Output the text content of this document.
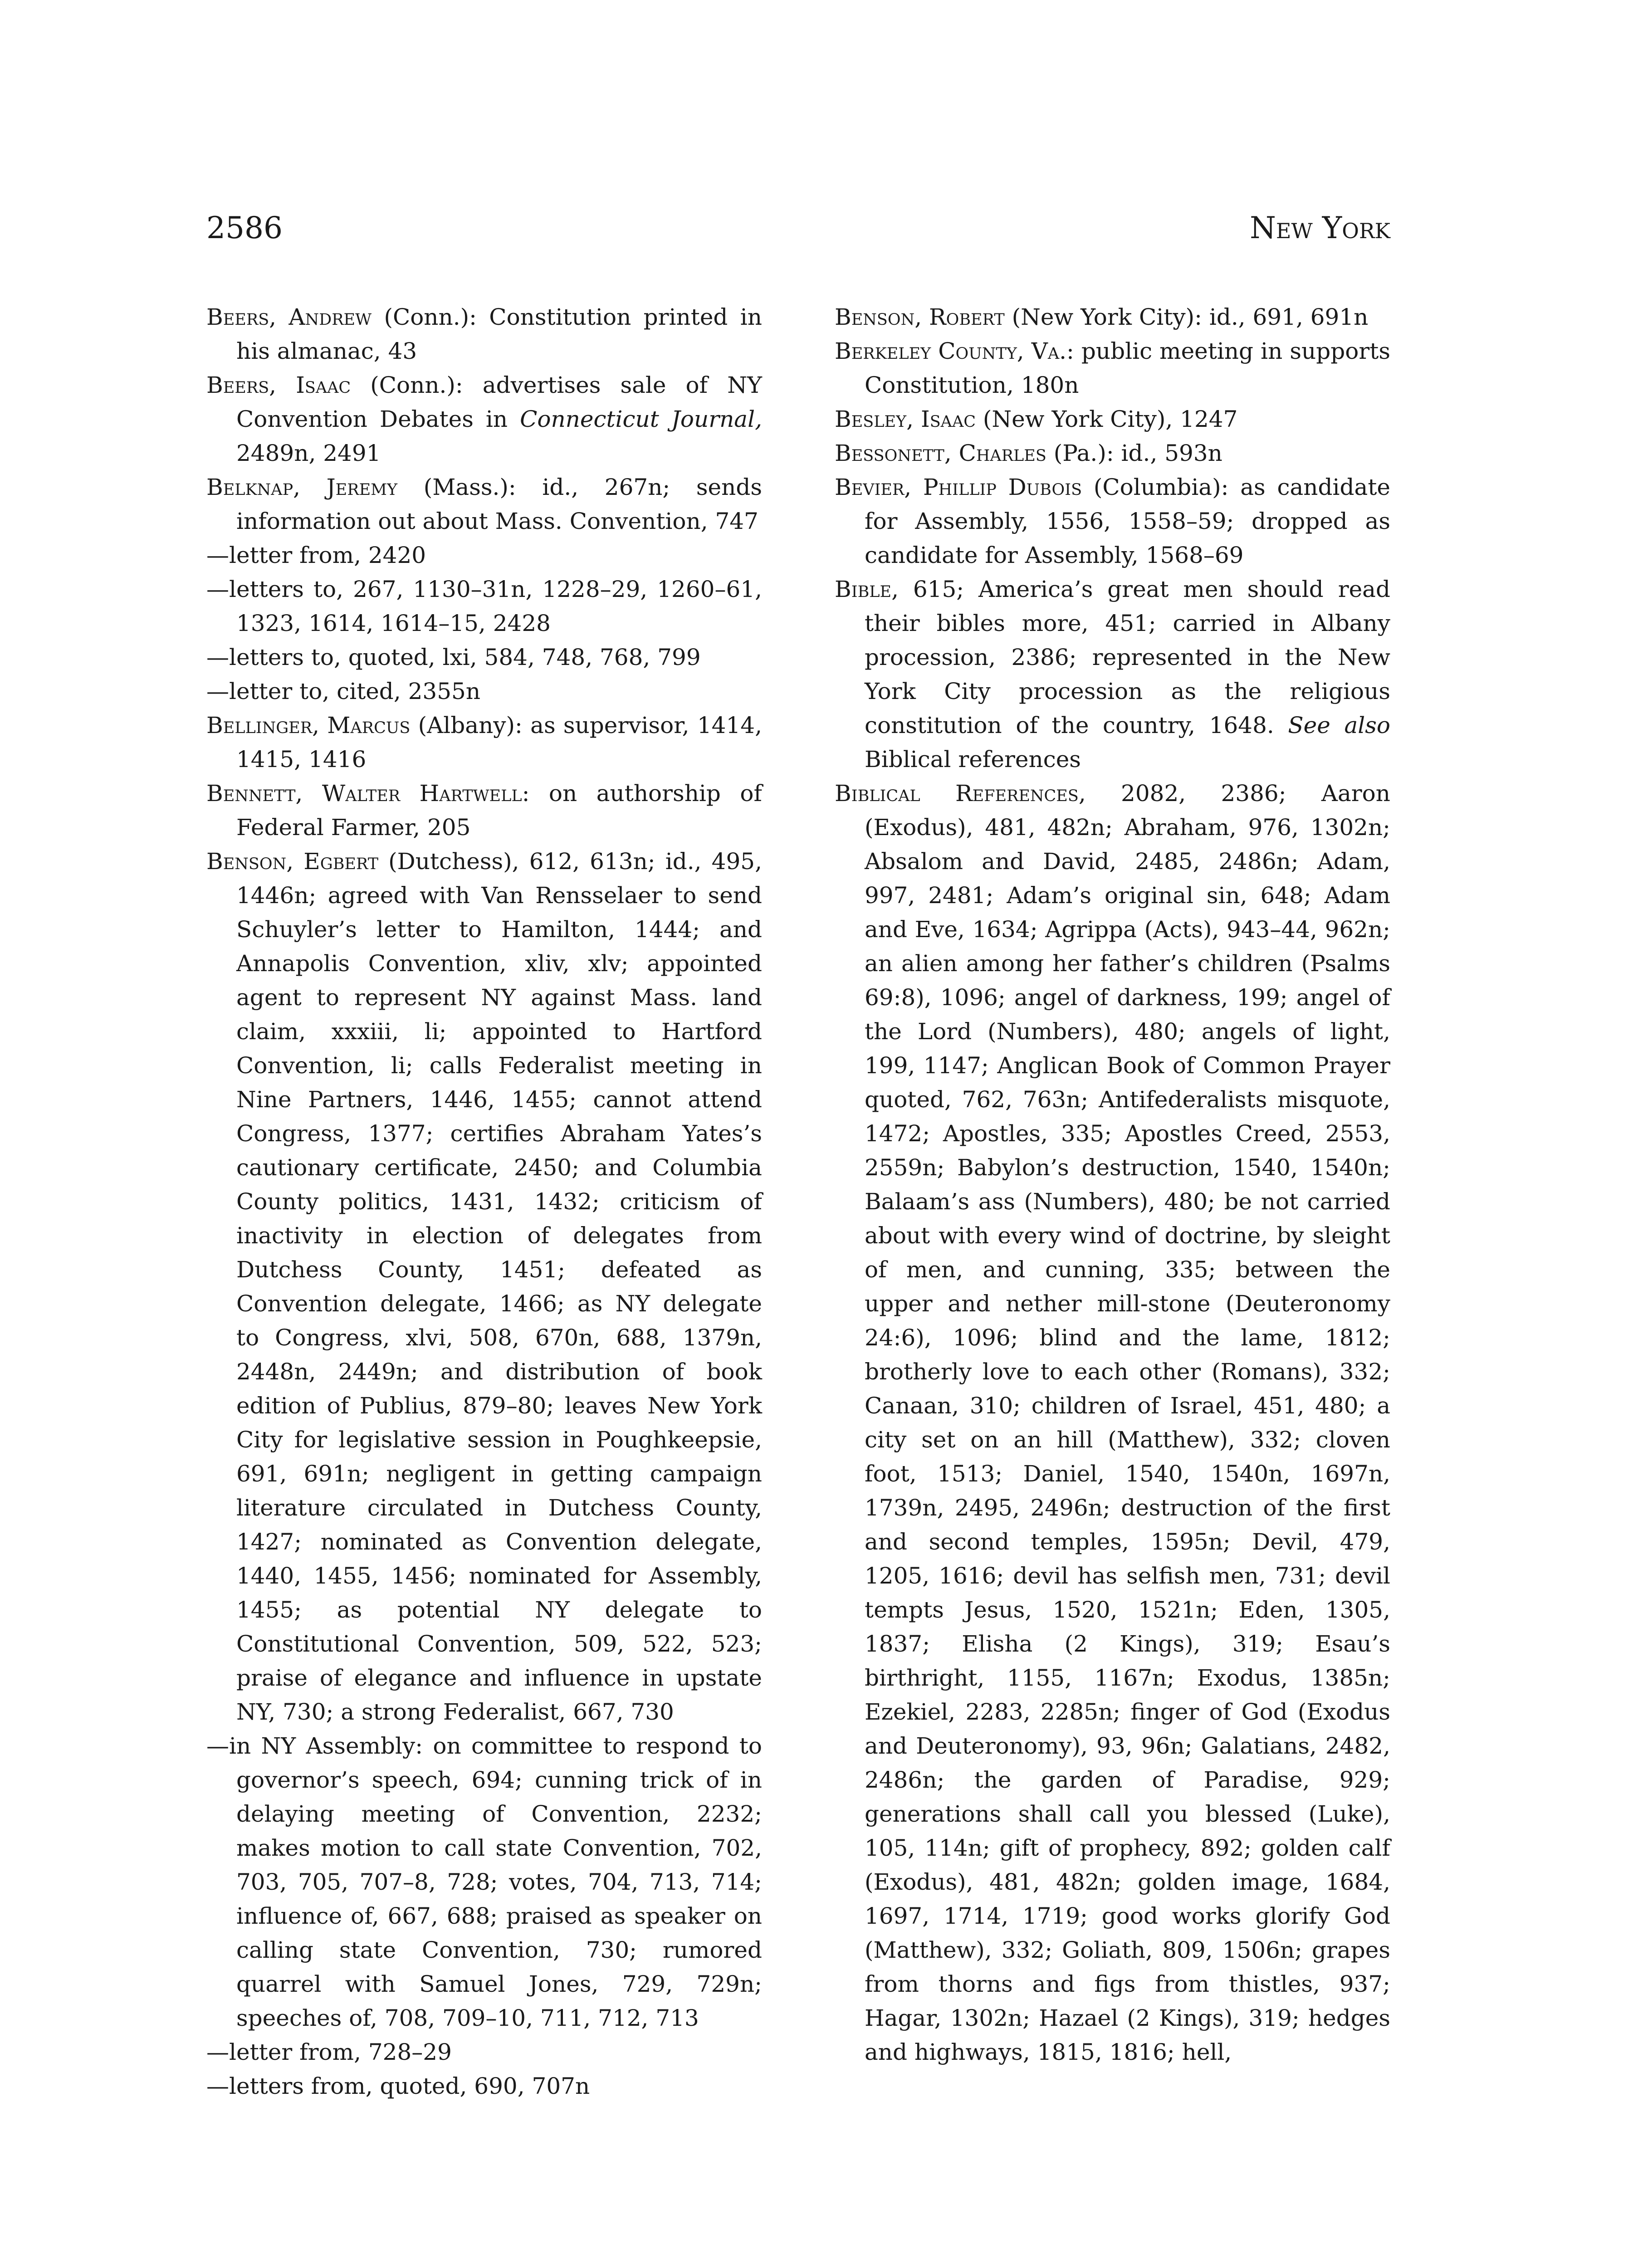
2586	New York

Beers, Andrew (Conn.): Constitution printed in his almanac, 43

Beers, Isaac (Conn.): advertises sale of NY Convention Debates in Connecticut Journal, 2489n, 2491

Belknap, Jeremy (Mass.): id., 267n; sends information out about Mass. Convention, 747

—letter from, 2420

—letters to, 267, 1130–31n, 1228–29, 1260–61, 1323, 1614, 1614–15, 2428

—letters to, quoted, lxi, 584, 748, 768, 799

—letter to, cited, 2355n

Bellinger, Marcus (Albany): as supervisor, 1414, 1415, 1416

Bennett, Walter Hartwell: on authorship of Federal Farmer, 205

Benson, Egbert (Dutchess), 612, 613n; id., 495, 1446n; agreed with Van Rensselaer to send Schuyler’s letter to Hamilton, 1444; and Annapolis Convention, xliv, xlv; appointed agent to represent NY against Mass. land claim, xxxiii, li; appointed to Hartford Convention, li; calls Federalist meeting in Nine Partners, 1446, 1455; cannot attend Congress, 1377; certifies Abraham Yates’s cautionary certificate, 2450; and Columbia County politics, 1431, 1432; criticism of inactivity in election of delegates from Dutchess County, 1451; defeated as Convention delegate, 1466; as NY delegate to Congress, xlvi, 508, 670n, 688, 1379n, 2448n, 2449n; and distribution of book edition of Publius, 879–80; leaves New York City for legislative session in Poughkeepsie, 691, 691n; negligent in getting campaign literature circulated in Dutchess County, 1427; nominated as Convention delegate, 1440, 1455, 1456; nominated for Assembly, 1455; as potential NY delegate to Constitutional Convention, 509, 522, 523; praise of elegance and influence in upstate NY, 730; a strong Federalist, 667, 730

—in NY Assembly: on committee to respond to governor’s speech, 694; cunning trick of in delaying meeting of Convention, 2232; makes motion to call state Convention, 702, 703, 705, 707–8, 728; votes, 704, 713, 714; influence of, 667, 688; praised as speaker on calling state Convention, 730; rumored quarrel with Samuel Jones, 729, 729n; speeches of, 708, 709–10, 711, 712, 713

—letter from, 728–29

—letters from, quoted, 690, 707n

Benson, Robert (New York City): id., 691, 691n

Berkeley County, Va.: public meeting in supports Constitution, 180n

Besley, Isaac (New York City), 1247

Bessonett, Charles (Pa.): id., 593n

Bevier, Phillip Dubois (Columbia): as candidate for Assembly, 1556, 1558–59; dropped as candidate for Assembly, 1568–69

Bible, 615; America’s great men should read their bibles more, 451; carried in Albany procession, 2386; represented in the New York City procession as the religious constitution of the country, 1648. See also Biblical references

Biblical References, 2082, 2386; Aaron (Exodus), 481, 482n; Abraham, 976, 1302n; Absalom and David, 2485, 2486n; Adam, 997, 2481; Adam’s original sin, 648; Adam and Eve, 1634; Agrippa (Acts), 943–44, 962n; an alien among her father’s children (Psalms 69:8), 1096; angel of darkness, 199; angel of the Lord (Numbers), 480; angels of light, 199, 1147; Anglican Book of Common Prayer quoted, 762, 763n; Antifederalists misquote, 1472; Apostles, 335; Apostles Creed, 2553, 2559n; Babylon’s destruction, 1540, 1540n; Balaam’s ass (Numbers), 480; be not carried about with every wind of doctrine, by sleight of men, and cunning, 335; between the upper and nether mill-stone (Deuteronomy 24:6), 1096; blind and the lame, 1812; brotherly love to each other (Romans), 332; Canaan, 310; children of Israel, 451, 480; a city set on an hill (Matthew), 332; cloven foot, 1513; Daniel, 1540, 1540n, 1697n, 1739n, 2495, 2496n; destruction of the first and second temples, 1595n; Devil, 479, 1205, 1616; devil has selfish men, 731; devil tempts Jesus, 1520, 1521n; Eden, 1305, 1837; Elisha (2 Kings), 319; Esau’s birthright, 1155, 1167n; Exodus, 1385n; Ezekiel, 2283, 2285n; finger of God (Exodus and Deuteronomy), 93, 96n; Galatians, 2482, 2486n; the garden of Paradise, 929; generations shall call you blessed (Luke), 105, 114n; gift of prophecy, 892; golden calf (Exodus), 481, 482n; golden image, 1684, 1697, 1714, 1719; good works glorify God (Matthew), 332; Goliath, 809, 1506n; grapes from thorns and figs from thistles, 937; Hagar, 1302n; Hazael (2 Kings), 319; hedges and highways, 1815, 1816; hell,
